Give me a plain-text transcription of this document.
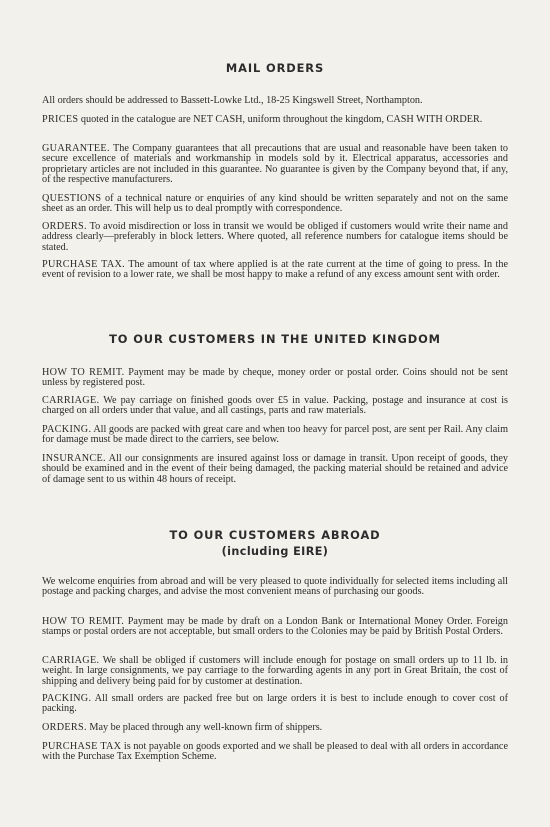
MAIL ORDERS

All orders should be addressed to Bassett-Lowke Ltd., 18-25 Kingswell Street, Northampton.

PRICES quoted in the catalogue are NET CASH, uniform throughout the kingdom, CASH WITH ORDER.

GUARANTEE. The Company guarantees that all precautions that are usual and reasonable have been taken to secure excellence of materials and workmanship in models sold by it. Electrical apparatus, accessories and proprietary articles are not included in this guarantee. No guarantee is given by the Company beyond that, if any, of the respective manufacturers.

QUESTIONS of a technical nature or enquiries of any kind should be written separately and not on the same sheet as an order. This will help us to deal promptly with correspondence.

ORDERS. To avoid misdirection or loss in transit we would be obliged if customers would write their name and address clearly—preferably in block letters. Where quoted, all reference numbers for catalogue items should be stated.

PURCHASE TAX. The amount of tax where applied is at the rate current at the time of going to press. In the event of revision to a lower rate, we shall be most happy to make a refund of any excess amount sent with order.

TO OUR CUSTOMERS IN THE UNITED KINGDOM

HOW TO REMIT. Payment may be made by cheque, money order or postal order. Coins should not be sent unless by registered post.

CARRIAGE. We pay carriage on finished goods over £5 in value. Packing, postage and insurance at cost is charged on all orders under that value, and all castings, parts and raw materials.

PACKING. All goods are packed with great care and when too heavy for parcel post, are sent per Rail. Any claim for damage must be made direct to the carriers, see below.

INSURANCE. All our consignments are insured against loss or damage in transit. Upon receipt of goods, they should be examined and in the event of their being damaged, the packing material should be retained and advice of damage sent to us within 48 hours of receipt.

TO OUR CUSTOMERS ABROAD
(including EIRE)

We welcome enquiries from abroad and will be very pleased to quote individually for selected items including all postage and packing charges, and advise the most convenient means of purchasing our goods.

HOW TO REMIT. Payment may be made by draft on a London Bank or International Money Order. Foreign stamps or postal orders are not acceptable, but small orders to the Colonies may be paid by British Postal Orders.

CARRIAGE. We shall be obliged if customers will include enough for postage on small orders up to 11 lb. in weight. In large consignments, we pay carriage to the forwarding agents in any port in Great Britain, the cost of shipping and delivery being paid for by customer at destination.

PACKING. All small orders are packed free but on large orders it is best to include enough to cover cost of packing.

ORDERS. May be placed through any well-known firm of shippers.

PURCHASE TAX is not payable on goods exported and we shall be pleased to deal with all orders in accordance with the Purchase Tax Exemption Scheme.
